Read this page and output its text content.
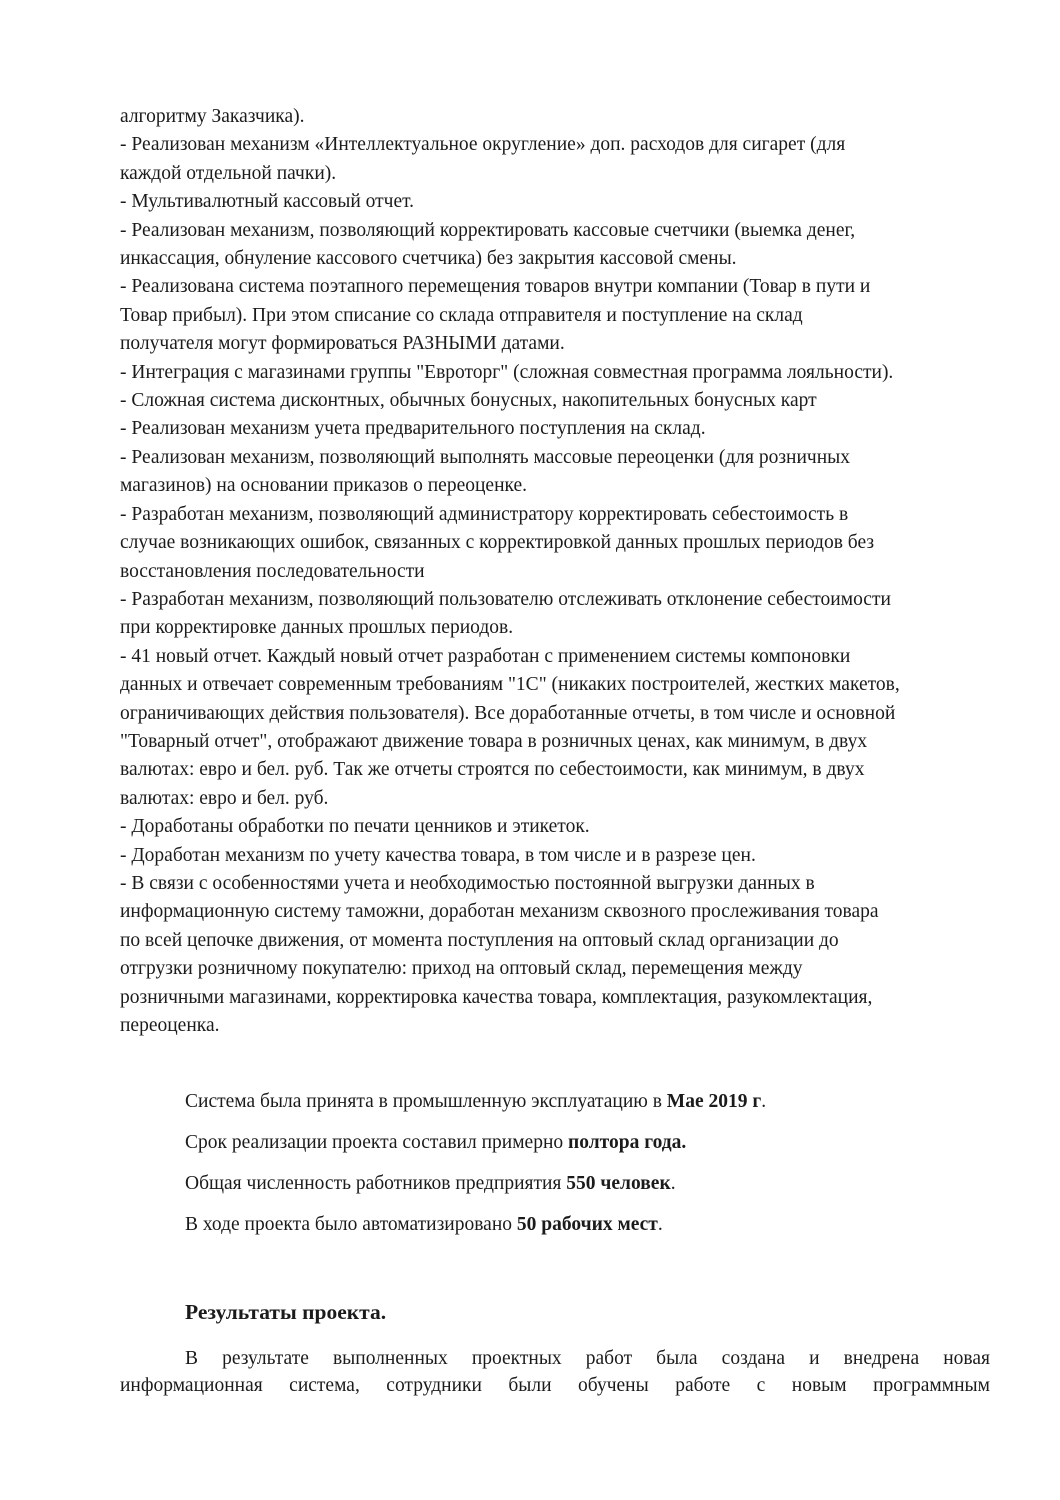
алгоритму Заказчика).
- Реализован механизм «Интеллектуальное округление» доп. расходов для сигарет (для
каждой отдельной пачки).
- Мультивалютный кассовый отчет.
- Реализован механизм, позволяющий корректировать кассовые счетчики (выемка денег,
инкассация, обнуление кассового счетчика) без закрытия кассовой смены.
- Реализована система поэтапного перемещения товаров внутри компании (Товар в пути и
Товар прибыл). При этом списание со склада отправителя и поступление на склад
получателя могут формироваться РАЗНЫМИ датами.
- Интеграция с магазинами группы "Евроторг" (сложная совместная программа лояльности).
- Сложная система дисконтных, обычных бонусных, накопительных бонусных карт
- Реализован механизм учета предварительного поступления на склад.
- Реализован механизм, позволяющий выполнять массовые переоценки (для розничных
магазинов) на основании приказов о переоценке.
- Разработан механизм, позволяющий администратору корректировать себестоимость в
случае возникающих ошибок, связанных с корректировкой данных прошлых периодов без
восстановления последовательности
- Разработан механизм, позволяющий пользователю отслеживать отклонение себестоимости
при корректировке данных прошлых периодов.
- 41 новый отчет. Каждый новый отчет разработан с применением системы компоновки
данных и отвечает современным требованиям "1С" (никаких построителей, жестких макетов,
ограничивающих действия пользователя). Все доработанные отчеты, в том числе и основной
"Товарный отчет", отображают движение товара в розничных ценах, как минимум, в двух
валютах: евро и бел. руб. Так же отчеты строятся по себестоимости, как минимум, в двух
валютах: евро и бел. руб.
- Доработаны обработки по печати ценников и этикеток.
- Доработан механизм по учету качества товара, в том числе и в разрезе цен.
- В связи с особенностями учета и необходимостью постоянной выгрузки данных в
информационную систему таможни, доработан механизм сквозного прослеживания товара
по всей цепочке движения, от момента поступления на оптовый склад организации до
отгрузки розничному покупателю: приход на оптовый склад, перемещения между
розничными магазинами, корректировка качества товара, комплектация, разукомлектация,
переоценка.

Система была принята в промышленную эксплуатацию в Мае 2019 г.

Срок реализации проекта составил примерно полтора года.

Общая численность работников предприятия 550 человек.

В ходе проекта было автоматизировано 50 рабочих мест.

Результаты проекта.
В результате выполненных проектных работ была создана и внедрена новая
информационная система, сотрудники были обучены работе с новым программным
